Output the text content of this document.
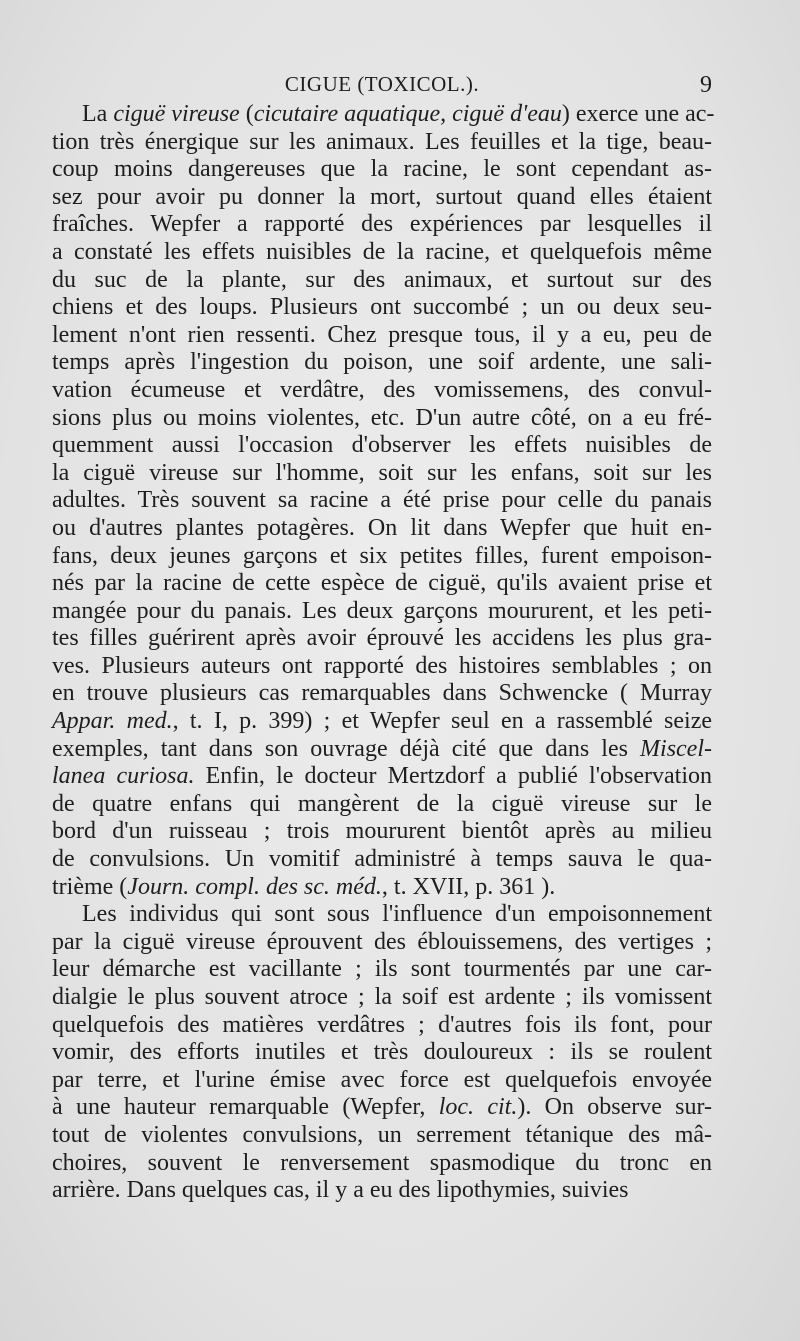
CIGUE (TOXICOL.).	9

La ciguë vireuse (cicutaire aquatique, ciguë d'eau) exerce une ac-
tion très énergique sur les animaux. Les feuilles et la tige, beau-
coup moins dangereuses que la racine, le sont cependant as-
sez pour avoir pu donner la mort, surtout quand elles étaient
fraîches. Wepfer a rapporté des expériences par lesquelles il
a constaté les effets nuisibles de la racine, et quelquefois même
du suc de la plante, sur des animaux, et surtout sur des
chiens et des loups. Plusieurs ont succombé ; un ou deux seu-
lement n'ont rien ressenti. Chez presque tous, il y a eu, peu de
temps après l'ingestion du poison, une soif ardente, une sali-
vation écumeuse et verdâtre, des vomissemens, des convul-
sions plus ou moins violentes, etc. D'un autre côté, on a eu fré-
quemment aussi l'occasion d'observer les effets nuisibles de
la ciguë vireuse sur l'homme, soit sur les enfans, soit sur les
adultes. Très souvent sa racine a été prise pour celle du panais
ou d'autres plantes potagères. On lit dans Wepfer que huit en-
fans, deux jeunes garçons et six petites filles, furent empoison-
nés par la racine de cette espèce de ciguë, qu'ils avaient prise et
mangée pour du panais. Les deux garçons moururent, et les peti-
tes filles guérirent après avoir éprouvé les accidens les plus gra-
ves. Plusieurs auteurs ont rapporté des histoires semblables ; on
en trouve plusieurs cas remarquables dans Schwencke ( Murray
Appar. med., t. I, p. 399) ; et Wepfer seul en a rassemblé seize
exemples, tant dans son ouvrage déjà cité que dans les Miscel-
lanea curiosa. Enfin, le docteur Mertzdorf a publié l'observation
de quatre enfans qui mangèrent de la ciguë vireuse sur le
bord d'un ruisseau ; trois moururent bientôt après au milieu
de convulsions. Un vomitif administré à temps sauva le qua-
trième (Journ. compl. des sc. méd., t. XVII, p. 361 ).

Les individus qui sont sous l'influence d'un empoisonnement
par la ciguë vireuse éprouvent des éblouissemens, des vertiges ;
leur démarche est vacillante ; ils sont tourmentés par une car-
dialgie le plus souvent atroce ; la soif est ardente ; ils vomissent
quelquefois des matières verdâtres ; d'autres fois ils font, pour
vomir, des efforts inutiles et très douloureux : ils se roulent
par terre, et l'urine émise avec force est quelquefois envoyée
à une hauteur remarquable (Wepfer, loc. cit.). On observe sur-
tout de violentes convulsions, un serrement tétanique des mâ-
choires, souvent le renversement spasmodique du tronc en
arrière. Dans quelques cas, il y a eu des lipothymies, suivies
